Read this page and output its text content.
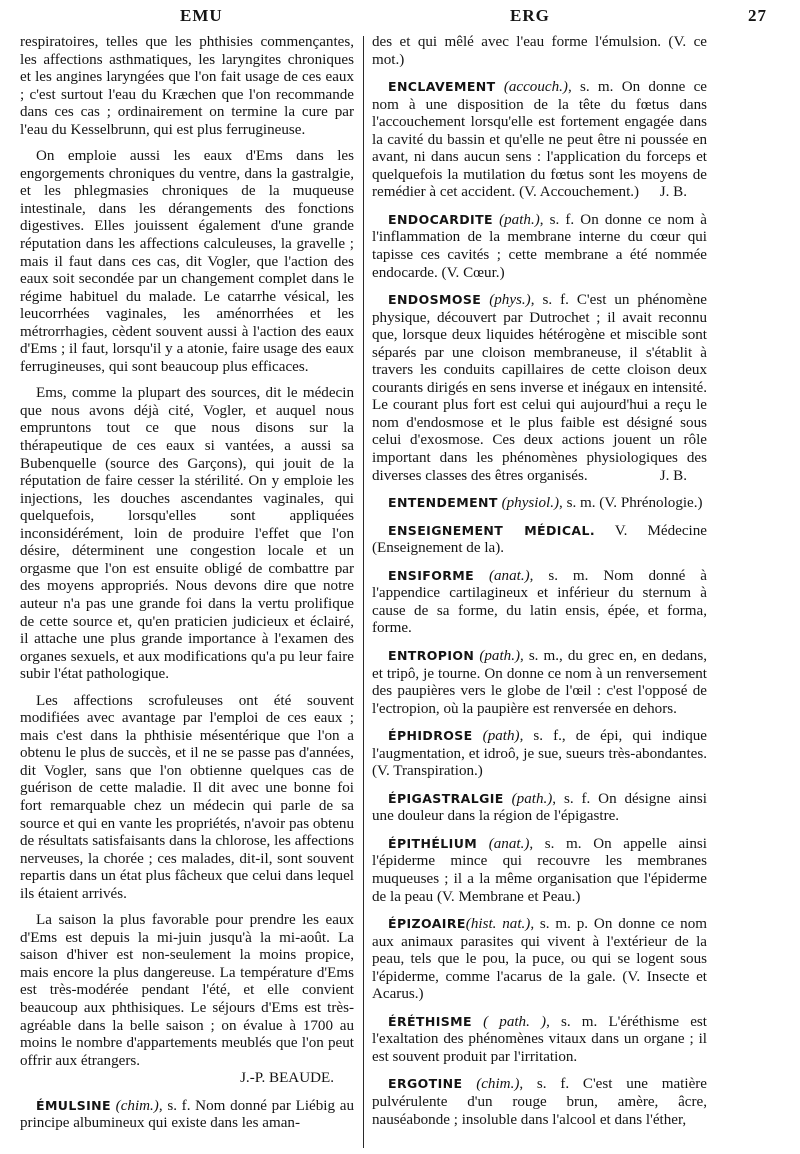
EMU	ERG	27

respiratoires, telles que les phthisies commençantes, les affections asthmatiques, les laryngites chroniques et les angines laryngées que l'on fait usage de ces eaux ; c'est surtout l'eau du Kræchen que l'on recommande dans ces cas ; ordinairement on termine la cure par l'eau du Kesselbrunn, qui est plus ferrugineuse.

On emploie aussi les eaux d'Ems dans les engorgements chroniques du ventre, dans la gastralgie, et les phlegmasies chroniques de la muqueuse intestinale, dans les dérangements des fonctions digestives. Elles jouissent également d'une grande réputation dans les affections calculeuses, la gravelle ; mais il faut dans ces cas, dit Vogler, que l'action des eaux soit secondée par un changement complet dans le régime habituel du malade. Le catarrhe vésical, les leucorrhées vaginales, les aménorrhées et les métrorrhagies, cèdent souvent aussi à l'action des eaux d'Ems ; il faut, lorsqu'il y a atonie, faire usage des eaux ferrugineuses, qui sont beaucoup plus efficaces.

Ems, comme la plupart des sources, dit le médecin que nous avons déjà cité, Vogler, et auquel nous empruntons tout ce que nous disons sur la thérapeutique de ces eaux si vantées, a aussi sa Bubenquelle (source des Garçons), qui jouit de la réputation de faire cesser la stérilité. On y emploie les injections, les douches ascendantes vaginales, qui quelquefois, lorsqu'elles sont appliquées inconsidérément, loin de produire l'effet que l'on désire, déterminent une congestion locale et un orgasme que l'on est ensuite obligé de combattre par des moyens appropriés. Nous devons dire que notre auteur n'a pas une grande foi dans la vertu prolifique de cette source et, qu'en praticien judicieux et éclairé, il attache une plus grande importance à l'examen des organes sexuels, et aux modifications qu'a pu leur faire subir l'état pathologique.

Les affections scrofuleuses ont été souvent modifiées avec avantage par l'emploi de ces eaux ; mais c'est dans la phthisie mésentérique que l'on a obtenu le plus de succès, et il ne se passe pas d'années, dit Vogler, sans que l'on obtienne quelques cas de guérison de cette maladie. Il dit avec une bonne foi fort remarquable chez un médecin qui parle de sa source et qui en vante les propriétés, n'avoir pas obtenu de résultats satisfaisants dans la chlorose, les affections nerveuses, la chorée ; ces malades, dit-il, sont souvent repartis dans un état plus fâcheux que celui dans lequel ils étaient arrivés.

La saison la plus favorable pour prendre les eaux d'Ems est depuis la mi-juin jusqu'à la mi-août. La saison d'hiver est non-seulement la moins propice, mais encore la plus dangereuse. La température d'Ems est très-modérée pendant l'été, et elle convient beaucoup aux phthisiques. Le séjours d'Ems est très-agréable dans la belle saison ; on évalue à 1700 au moins le nombre d'appartements meublés que l'on peut offrir aux étrangers.
J.-P. BEAUDE.

ÉMULSINE (chim.), s. f. Nom donné par Liébig au principe albumineux qui existe dans les aman-

des et qui mêlé avec l'eau forme l'émulsion. (V. ce mot.)

ENCLAVEMENT (accouch.), s. m. On donne ce nom à une disposition de la tête du fœtus dans l'accouchement lorsqu'elle est fortement engagée dans la cavité du bassin et qu'elle ne peut être ni poussée en avant, ni dans aucun sens : l'application du forceps et quelquefois la mutilation du fœtus sont les moyens de remédier à cet accident. (V. Accouchement.)	J. B.

ENDOCARDITE (path.), s. f. On donne ce nom à l'inflammation de la membrane interne du cœur qui tapisse ces cavités ; cette membrane a été nommée endocarde. (V. Cœur.)

ENDOSMOSE (phys.), s. f. C'est un phénomène physique, découvert par Dutrochet ; il avait reconnu que, lorsque deux liquides hétérogène et miscible sont séparés par une cloison membraneuse, il s'établit à travers les conduits capillaires de cette cloison deux courants dirigés en sens inverse et inégaux en intensité. Le courant plus fort est celui qui aujourd'hui a reçu le nom d'endosmose et le plus faible est désigné sous celui d'exosmose. Ces deux actions jouent un rôle important dans les phénomènes physiologiques des diverses classes des êtres organisés.	J. B.

ENTENDEMENT (physiol.), s. m. (V. Phrénologie.)

ENSEIGNEMENT MÉDICAL. V. Médecine (Enseignement de la).

ENSIFORME (anat.), s. m. Nom donné à l'appendice cartilagineux et inférieur du sternum à cause de sa forme, du latin ensis, épée, et forma, forme.

ENTROPION (path.), s. m., du grec en, en dedans, et tripô, je tourne. On donne ce nom à un renversement des paupières vers le globe de l'œil : c'est l'opposé de l'ectropion, où la paupière est renversée en dehors.

ÉPHIDROSE (path), s. f., de épi, qui indique l'augmentation, et idroô, je sue, sueurs très-abondantes. (V. Transpiration.)

ÉPIGASTRALGIE (path.), s. f. On désigne ainsi une douleur dans la région de l'épigastre.

ÉPITHÉLIUM (anat.), s. m. On appelle ainsi l'épiderme mince qui recouvre les membranes muqueuses ; il a la même organisation que l'épiderme de la peau (V. Membrane et Peau.)

ÉPIZOAIRE(hist. nat.), s. m. p. On donne ce nom aux animaux parasites qui vivent à l'extérieur de la peau, tels que le pou, la puce, ou qui se logent sous l'épiderme, comme l'acarus de la gale. (V. Insecte et Acarus.)

ÉRÉTHISME ( path. ), s. m. L'éréthisme est l'exaltation des phénomènes vitaux dans un organe ; il est souvent produit par l'irritation.

ERGOTINE (chim.), s. f. C'est une matière pulvérulente d'un rouge brun, amère, âcre, nauséabonde ; insoluble dans l'alcool et dans l'éther,
